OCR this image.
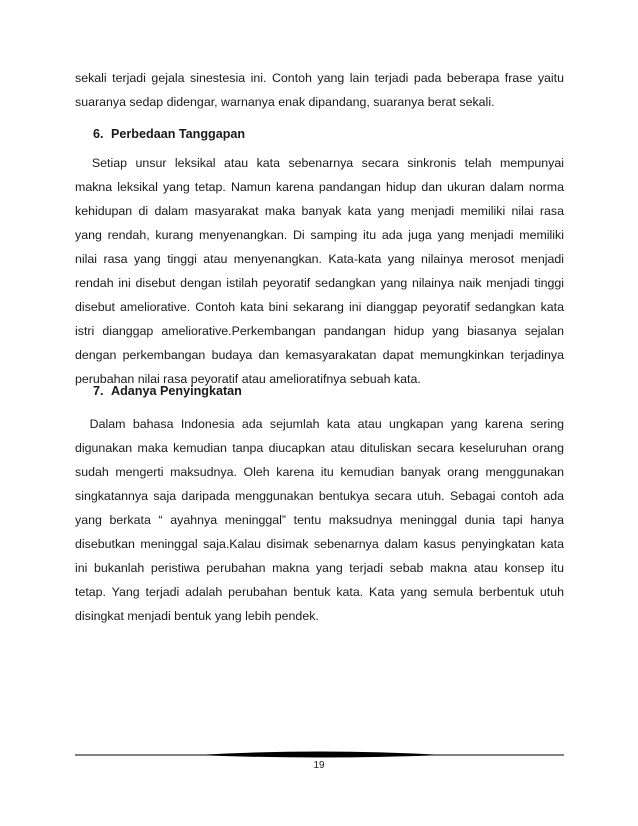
sekali terjadi gejala sinestesia ini. Contoh yang lain terjadi pada beberapa frase yaitu
suaranya sedap didengar, warnanya enak dipandang, suaranya berat sekali.
6. Perbedaan Tanggapan
Setiap  unsur  leksikal  atau  kata  sebenarnya  secara  sinkronis  telah  mempunyai
makna leksikal yang tetap. Namun karena pandangan hidup dan ukuran dalam norma
kehidupan di dalam masyarakat maka banyak kata yang menjadi memiliki nilai rasa
yang rendah, kurang menyenangkan. Di samping itu ada juga yang menjadi memiliki
nilai rasa yang tinggi atau menyenangkan. Kata-kata yang nilainya merosot menjadi
rendah ini disebut dengan istilah peyoratif sedangkan yang nilainya naik menjadi tinggi
disebut ameliorative. Contoh kata bini sekarang ini dianggap peyoratif sedangkan kata
istri dianggap ameliorative.Perkembangan pandangan hidup yang biasanya sejalan
dengan perkembangan budaya dan kemasyarakatan dapat memungkinkan terjadinya
perubahan nilai rasa peyoratif atau amelioratifnya sebuah kata.
7. Adanya Penyingkatan
Dalam  bahasa  Indonesia  ada  sejumlah  kata  atau  ungkapan  yang  karena  sering
digunakan maka kemudian tanpa diucapkan atau dituliskan secara keseluruhan orang
sudah mengerti maksudnya. Oleh karena itu kemudian banyak orang menggunakan
singkatannya saja daripada menggunakan bentukya secara utuh. Sebagai contoh ada
yang berkata “ ayahnya meninggal” tentu maksudnya meninggal dunia tapi hanya
disebutkan meninggal saja.Kalau disimak sebenarnya dalam kasus penyingkatan kata
ini bukanlah peristiwa perubahan makna yang terjadi sebab makna atau konsep itu
tetap. Yang terjadi adalah perubahan bentuk kata. Kata yang semula berbentuk utuh
disingkat menjadi bentuk yang lebih pendek.
19
